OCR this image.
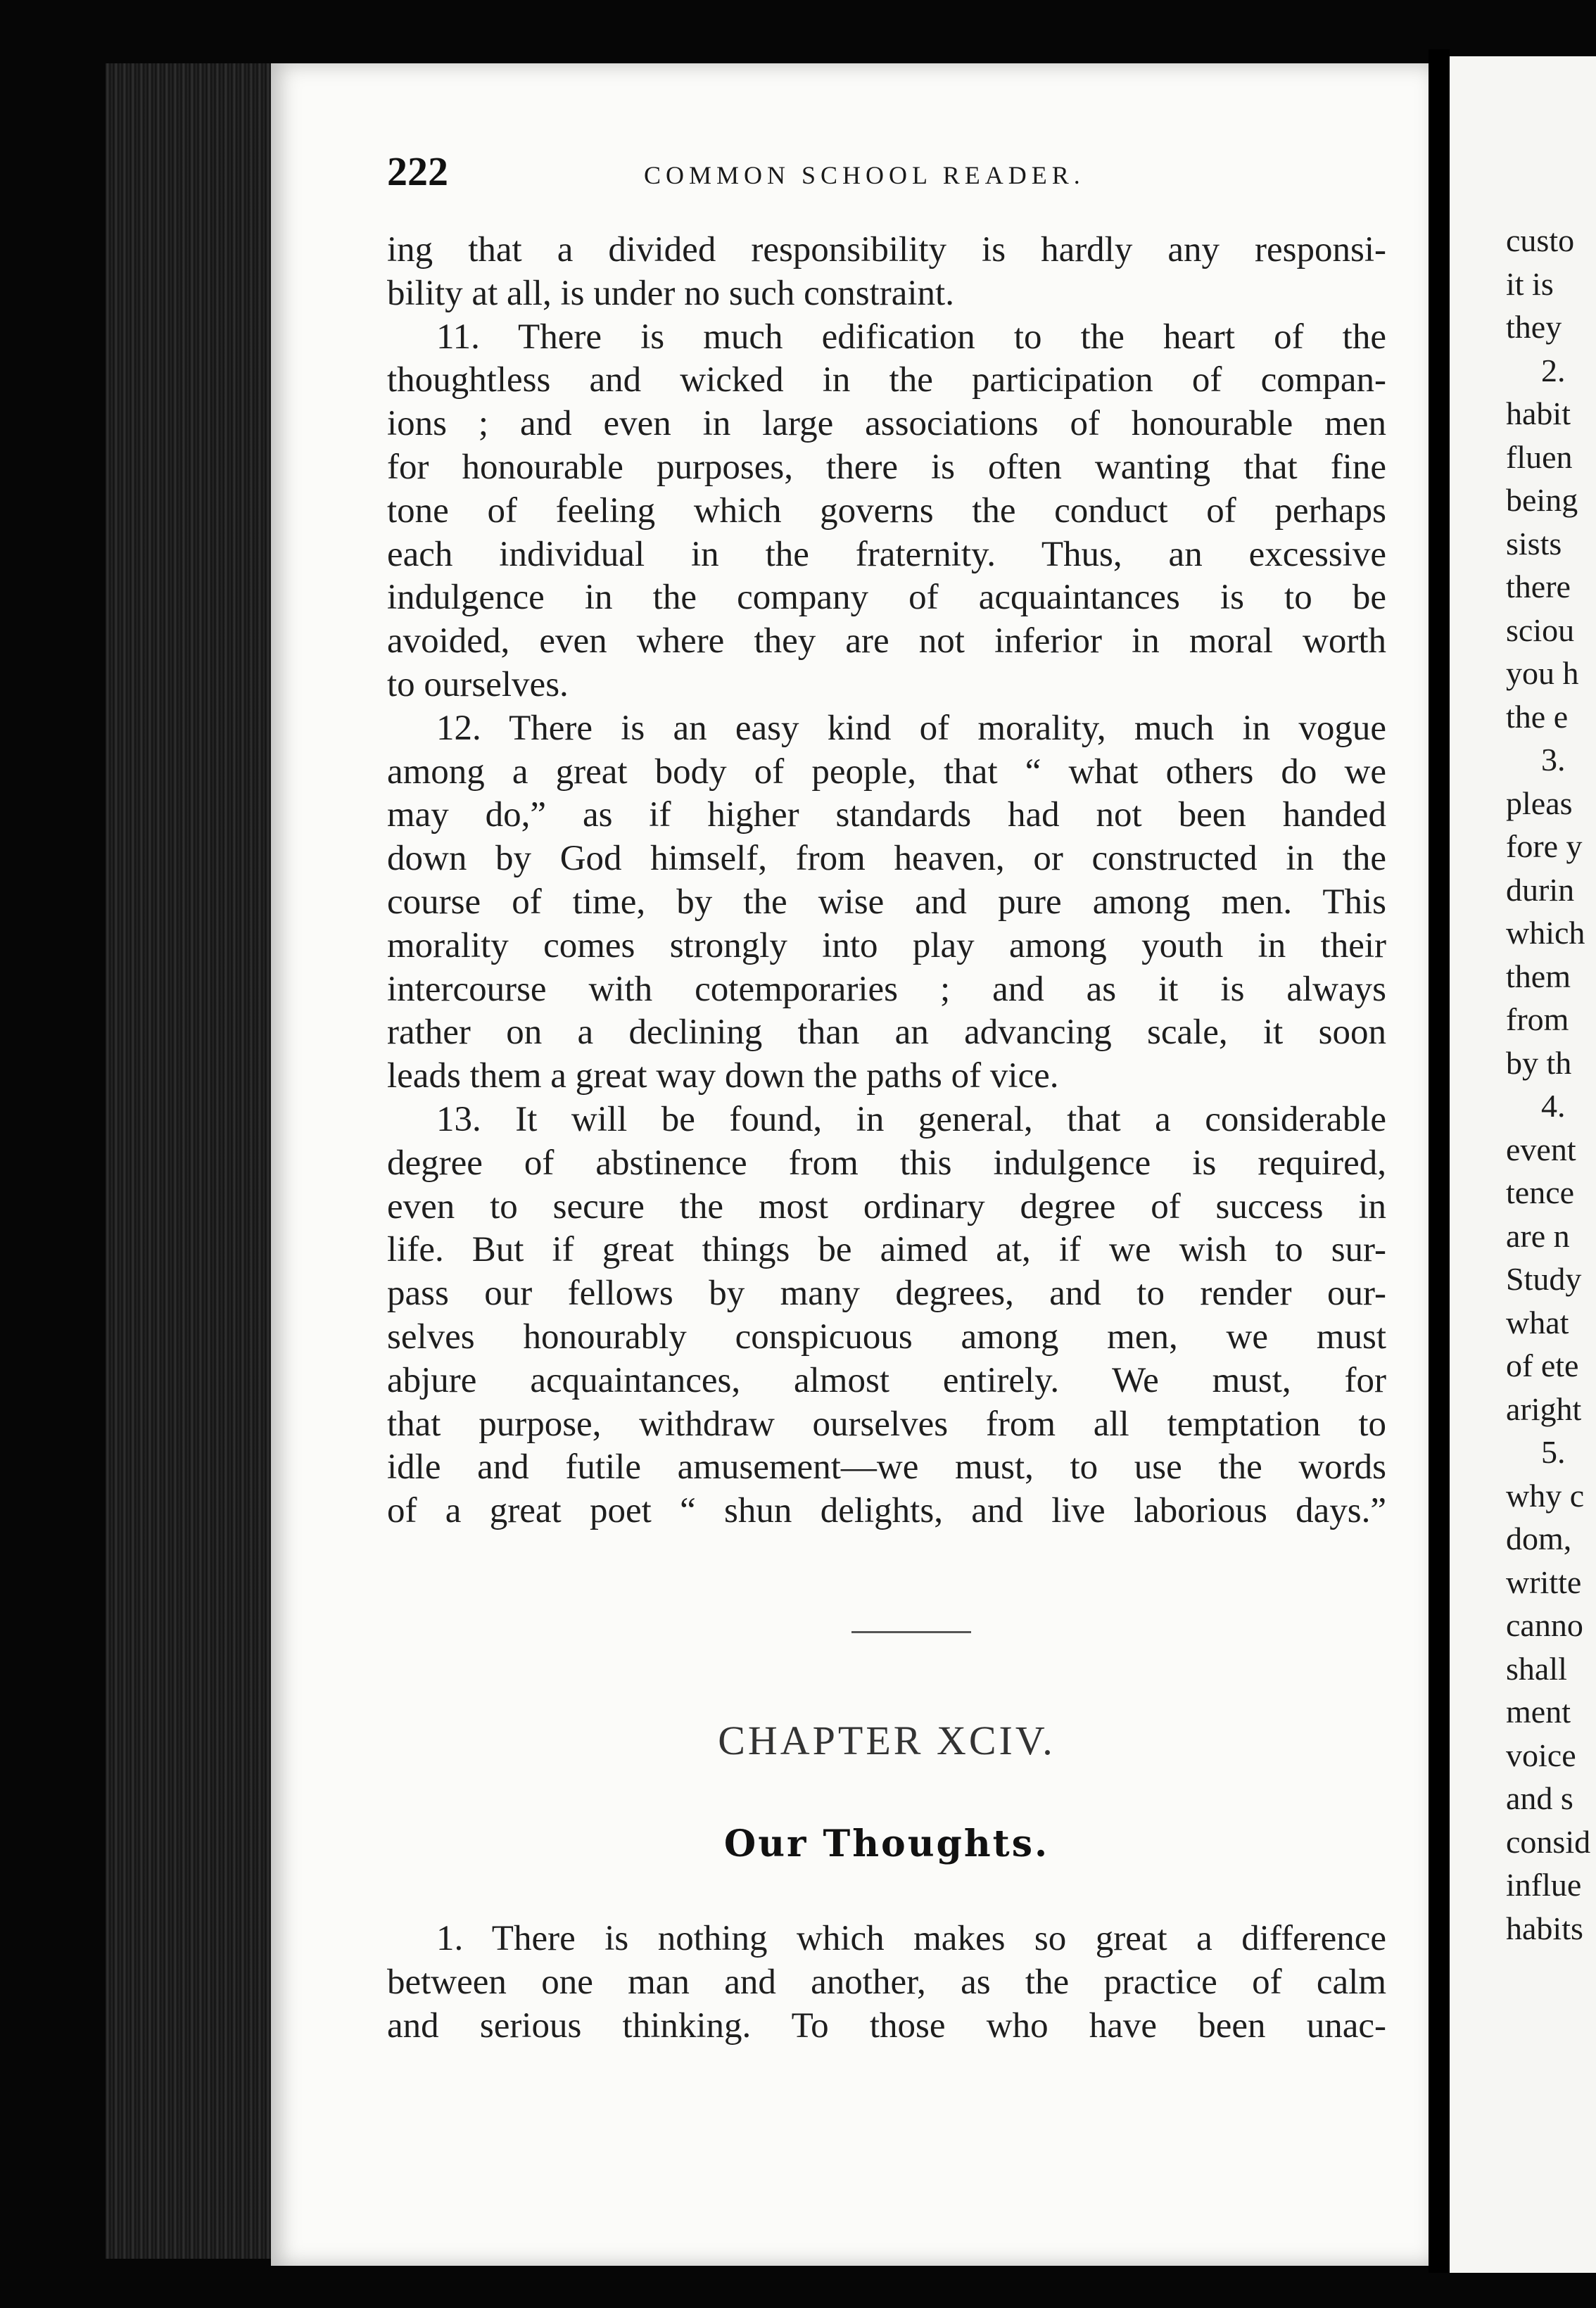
custo
it is
they
2.
habit
fluen
being
sists
there
sciou
you h
the e
3.
pleas
fore y
durin
which
them
from
by th
4.
event
tence
are n
Study
what
of ete
aright
5.
why c
dom,
writte
canno
shall
ment
voice
and s
consid
influe
habits
222	COMMON SCHOOL READER.
ing that a divided responsibility is hardly any responsi-
bility at all, is under no such constraint.
11. There is much edification to the heart of the
thoughtless and wicked in the participation of compan-
ions ; and even in large associations of honourable men
for honourable purposes, there is often wanting that fine
tone of feeling which governs the conduct of perhaps
each individual in the fraternity. Thus, an excessive
indulgence in the company of acquaintances is to be
avoided, even where they are not inferior in moral worth
to ourselves.
12. There is an easy kind of morality, much in vogue
among a great body of people, that “ what others do we
may do,” as if higher standards had not been handed
down by God himself, from heaven, or constructed in the
course of time, by the wise and pure among men. This
morality comes strongly into play among youth in their
intercourse with cotemporaries ; and as it is always
rather on a declining than an advancing scale, it soon
leads them a great way down the paths of vice.
13. It will be found, in general, that a considerable
degree of abstinence from this indulgence is required,
even to secure the most ordinary degree of success in
life. But if great things be aimed at, if we wish to sur-
pass our fellows by many degrees, and to render our-
selves honourably conspicuous among men, we must
abjure acquaintances, almost entirely. We must, for
that purpose, withdraw ourselves from all temptation to
idle and futile amusement—we must, to use the words
of a great poet “ shun delights, and live laborious days.”
CHAPTER XCIV.
Our Thoughts.
1. There is nothing which makes so great a difference
between one man and another, as the practice of calm
and serious thinking. To those who have been unac-
